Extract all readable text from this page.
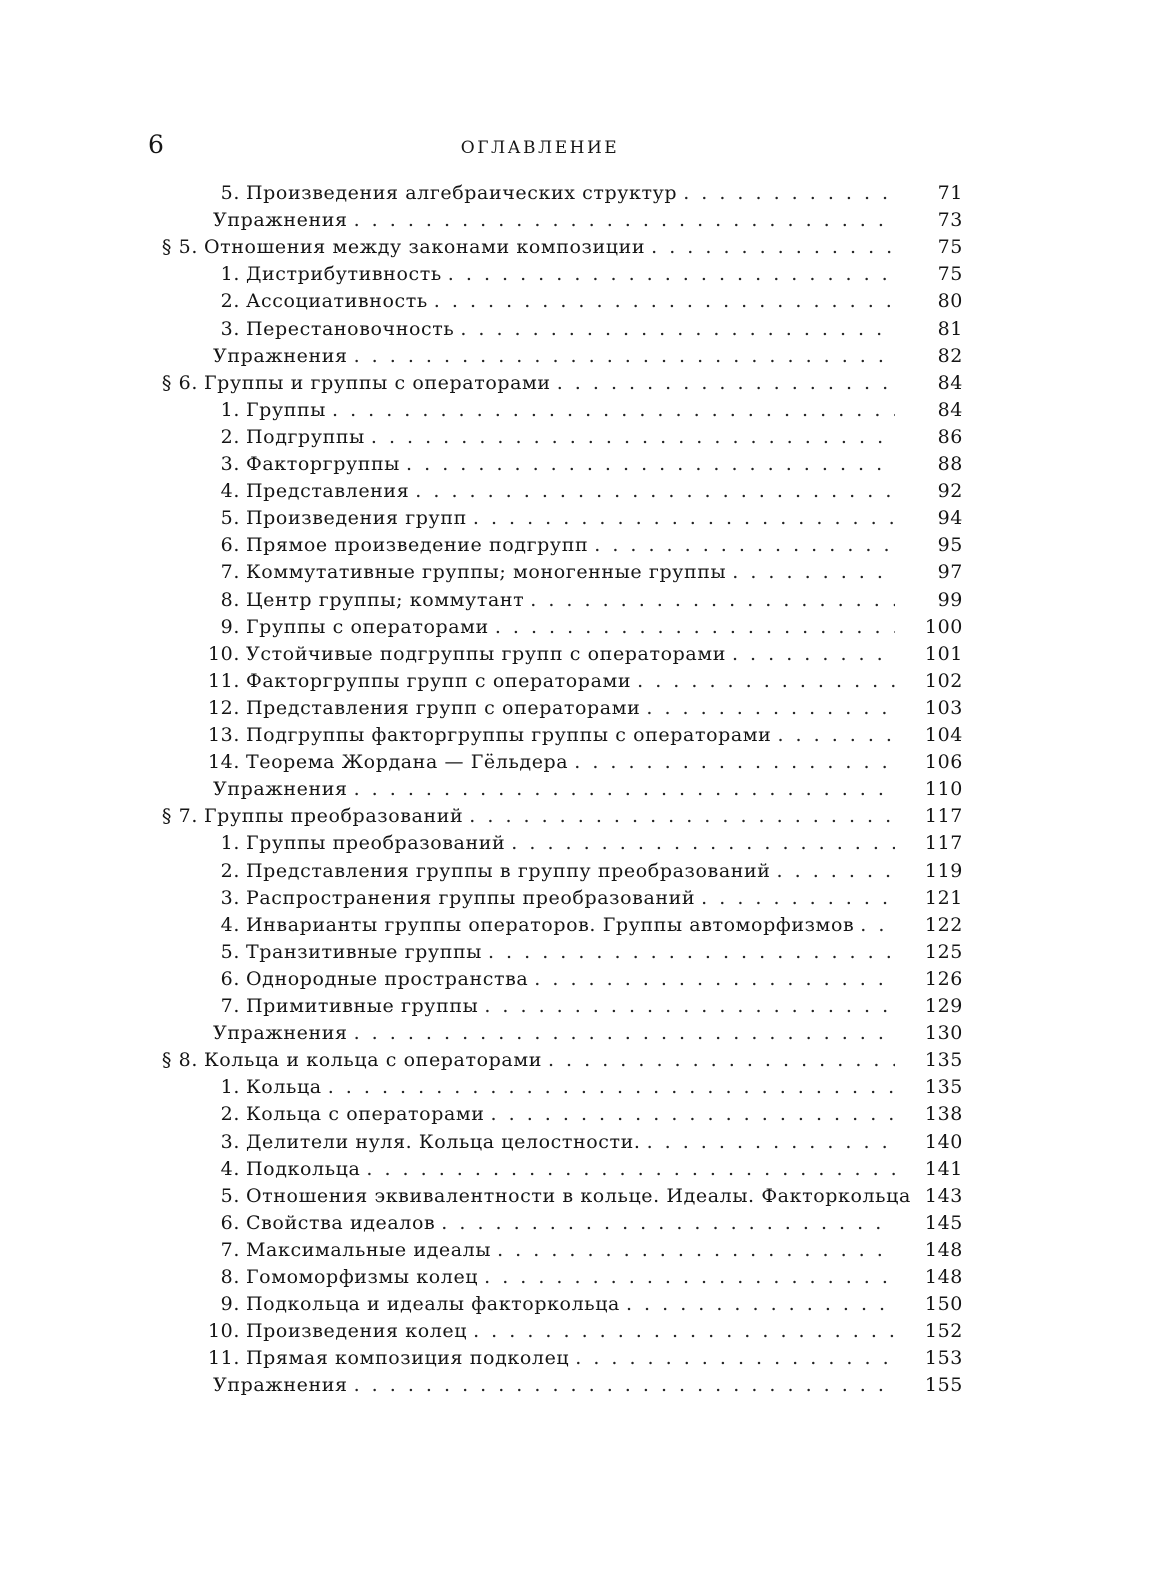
6	ОГЛАВЛЕНИЕ
5. Произведения алгебраических структур . . .	71
Упражнения . . .	73
§ 5. Отношения между законами композиции . . .	75
1. Дистрибутивность . . .	75
2. Ассоциативность . . .	80
3. Перестановочность . . .	81
Упражнения . . .	82
§ 6. Группы и группы с операторами . . .	84
1. Группы . . .	84
2. Подгруппы . . .	86
3. Факторгруппы . . .	88
4. Представления . . .	92
5. Произведения групп . . .	94
6. Прямое произведение подгрупп . . .	95
7. Коммутативные группы; моногенные группы . . .	97
8. Центр группы; коммутант . . .	99
9. Группы с операторами . . .	100
10. Устойчивые подгруппы групп с операторами . . .	101
11. Факторгруппы групп с операторами . . .	102
12. Представления групп с операторами . . .	103
13. Подгруппы факторгруппы группы с операторами . . .	104
14. Теорема Жордана — Гёльдера . . .	106
Упражнения . . .	110
§ 7. Группы преобразований . . .	117
1. Группы преобразований . . .	117
2. Представления группы в группу преобразований . . .	119
3. Распространения группы преобразований . . .	121
4. Инварианты группы операторов. Группы автоморфизмов . . .	122
5. Транзитивные группы . . .	125
6. Однородные пространства . . .	126
7. Примитивные группы . . .	129
Упражнения . . .	130
§ 8. Кольца и кольца с операторами . . .	135
1. Кольца . . .	135
2. Кольца с операторами . . .	138
3. Делители нуля. Кольца целостности. . . .	140
4. Подкольца . . .	141
5. Отношения эквивалентности в кольце. Идеалы. Факторкольца 143
6. Свойства идеалов . . .	145
7. Максимальные идеалы . . .	148
8. Гомоморфизмы колец . . .	148
9. Подкольца и идеалы факторкольца . . .	150
10. Произведения колец . . .	152
11. Прямая композиция подколец . . .	153
Упражнения . . .	155
